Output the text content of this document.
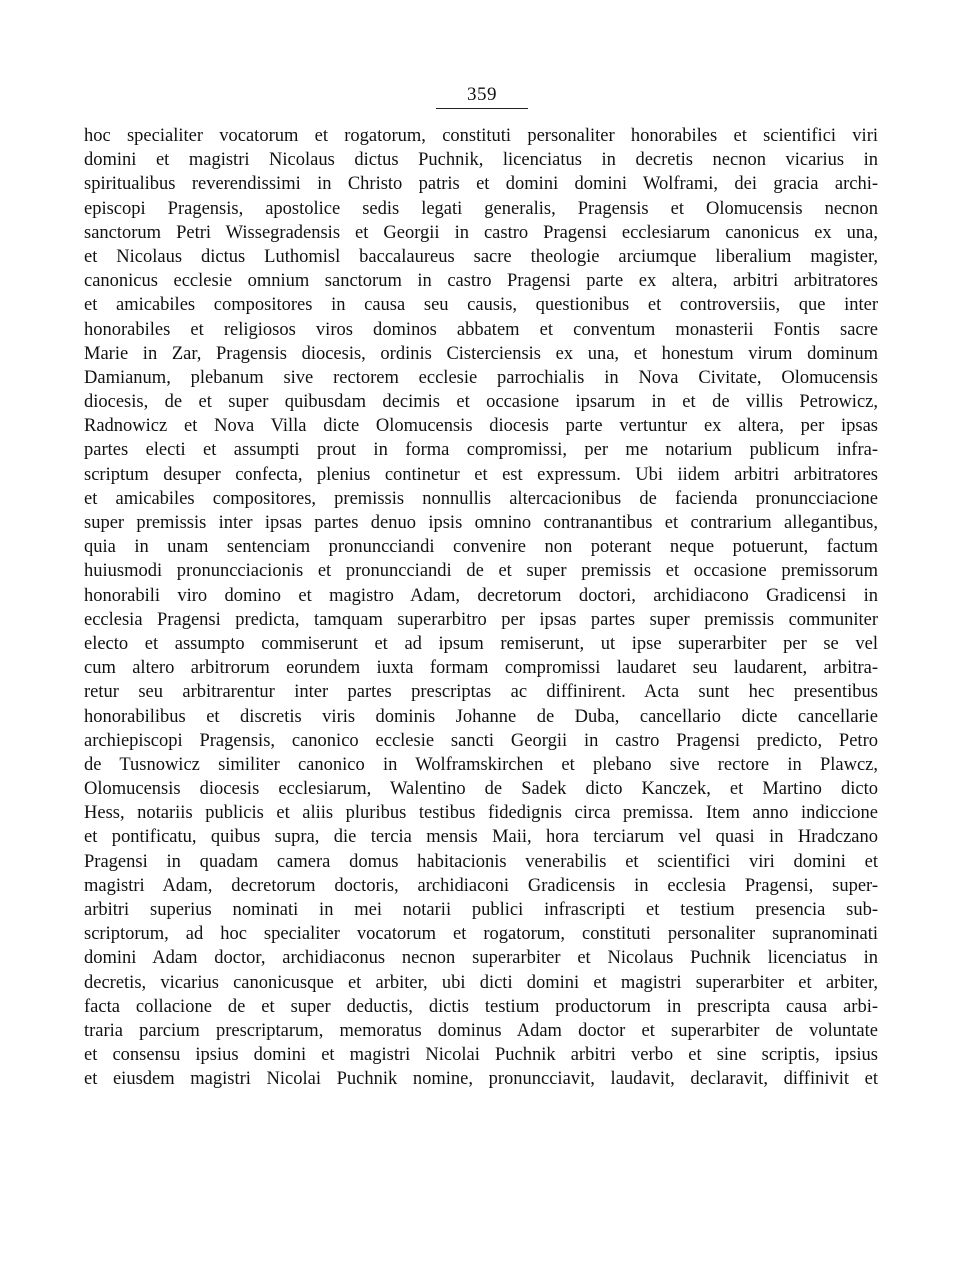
359
hoc specialiter vocatorum et rogatorum, constituti personaliter honorabiles et scientifici viri
domini et magistri Nicolaus dictus Puchnik, licenciatus in decretis necnon vicarius in
spiritualibus reverendissimi in Christo patris et domini domini Wolframi, dei gracia archi-
episcopi Pragensis, apostolice sedis legati generalis, Pragensis et Olomucensis necnon
sanctorum Petri Wissegradensis et Georgii in castro Pragensi ecclesiarum canonicus ex una,
et Nicolaus dictus Luthomisl baccalaureus sacre theologie arciumque liberalium magister,
canonicus ecclesie omnium sanctorum in castro Pragensi parte ex altera, arbitri arbitratores
et amicabiles compositores in causa seu causis, questionibus et controversiis, que inter
honorabiles et religiosos viros dominos abbatem et conventum monasterii Fontis sacre
Marie in Zar, Pragensis diocesis, ordinis Cisterciensis ex una, et honestum virum dominum
Damianum, plebanum sive rectorem ecclesie parrochialis in Nova Civitate, Olomucensis
diocesis, de et super quibusdam decimis et occasione ipsarum in et de villis Petrowicz,
Radnowicz et Nova Villa dicte Olomucensis diocesis parte vertuntur ex altera, per ipsas
partes electi et assumpti prout in forma compromissi, per me notarium publicum infra-
scriptum desuper confecta, plenius continetur et est expressum. Ubi iidem arbitri arbitratores
et amicabiles compositores, premissis nonnullis altercacionibus de facienda pronuncciacione
super premissis inter ipsas partes denuo ipsis omnino contranantibus et contrarium allegantibus,
quia in unam sentenciam pronuncciandi convenire non poterant neque potuerunt, factum
huiusmodi pronuncciacionis et pronuncciandi de et super premissis et occasione premissorum
honorabili viro domino et magistro Adam, decretorum doctori, archidiacono Gradicensi in
ecclesia Pragensi predicta, tamquam superarbitro per ipsas partes super premissis communiter
electo et assumpto commiserunt et ad ipsum remiserunt, ut ipse superarbiter per se vel
cum altero arbitrorum eorundem iuxta formam compromissi laudaret seu laudarent, arbitra-
retur seu arbitrarentur inter partes prescriptas ac diffinirent. Acta sunt hec presentibus
honorabilibus et discretis viris dominis Johanne de Duba, cancellario dicte cancellarie
archiepiscopi Pragensis, canonico ecclesie sancti Georgii in castro Pragensi predicto, Petro
de Tusnowicz similiter canonico in Wolframskirchen et plebano sive rectore in Plawcz,
Olomucensis diocesis ecclesiarum, Walentino de Sadek dicto Kanczek, et Martino dicto
Hess, notariis publicis et aliis pluribus testibus fidedignis circa premissa. Item anno indiccione
et pontificatu, quibus supra, die tercia mensis Maii, hora terciarum vel quasi in Hradczano
Pragensi in quadam camera domus habitacionis venerabilis et scientifici viri domini et
magistri Adam, decretorum doctoris, archidiaconi Gradicensis in ecclesia Pragensi, super-
arbitri superius nominati in mei notarii publici infrascripti et testium presencia sub-
scriptorum, ad hoc specialiter vocatorum et rogatorum, constituti personaliter supranominati
domini Adam doctor, archidiaconus necnon superarbiter et Nicolaus Puchnik licenciatus in
decretis, vicarius canonicusque et arbiter, ubi dicti domini et magistri superarbiter et arbiter,
facta collacione de et super deductis, dictis testium productorum in prescripta causa arbi-
traria parcium prescriptarum, memoratus dominus Adam doctor et superarbiter de voluntate
et consensu ipsius domini et magistri Nicolai Puchnik arbitri verbo et sine scriptis, ipsius
et eiusdem magistri Nicolai Puchnik nomine, pronuncciavit, laudavit, declaravit, diffinivit et
